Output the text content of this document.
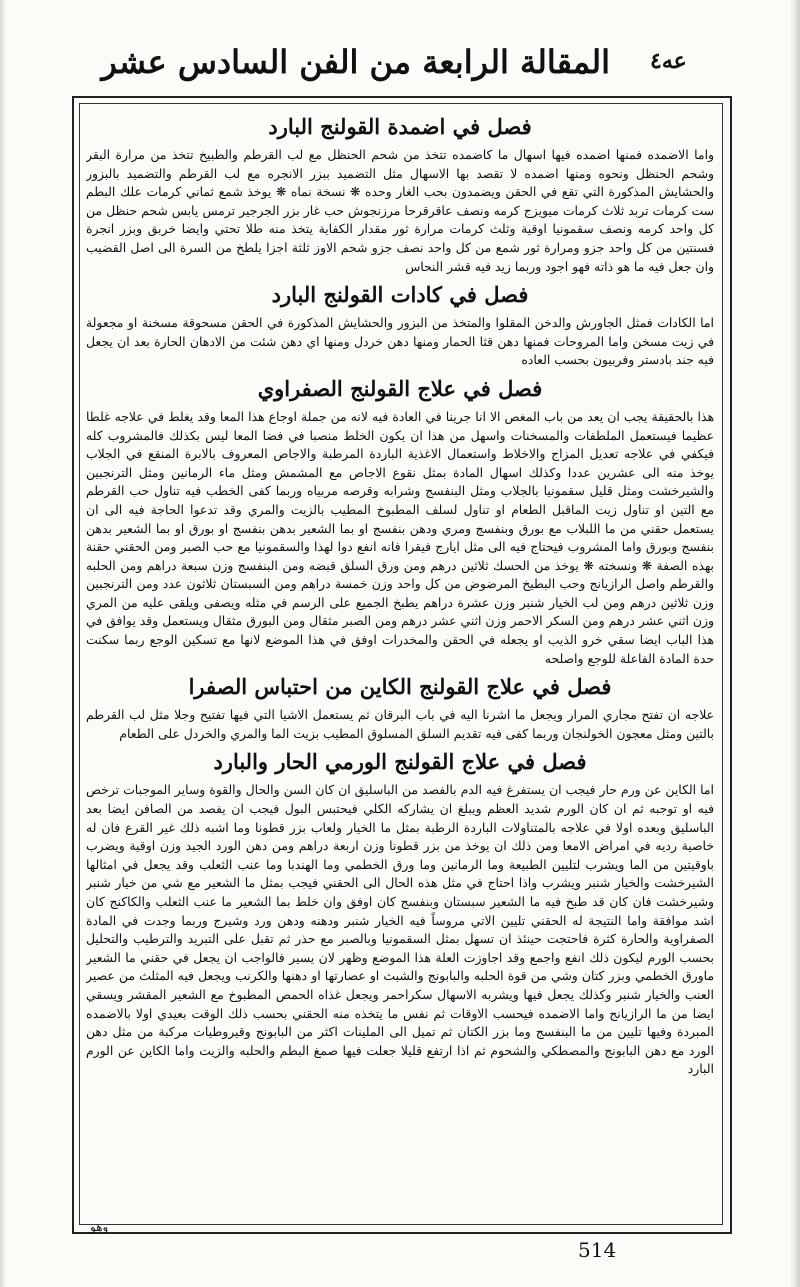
المقالة الرابعة من الفن السادس عشر عه٤
فصل في اضمدة القولنج البارد
واما الاضمده فمنها اضمده فيها اسهال ما كاضمده تتخذ من شحم الحنظل مع لب القرطم والطبيخ تتخذ من مرارة البقر وشحم الحنظل ونحوه ومنها اضمده لا تقصد بها الاسهال مثل التضميد ببزر الانجره مع لب القرطم والتضميد بالبزور والحشايش المذكورة التي تقع في الحقن ويضمدون بحب الغار وحده ❋ نسخة نماه ❋ يوخذ شمع ثماني كرمات علك البطم ست كرمات تربد ثلاث كرمات ميويزج كرمه ونصف عاقرقرحا مرزنجوش حب غار بزر الجرجير ترمس يابس شحم حنظل من كل واحد كرمه ونصف سقمونيا اوقية وثلث كرمات مرارة ثور مقدار الكفاية يتخذ منه طلا تحتي وايضا خربق وبزر انجرة فسنتين من كل واحد جزو ومرارة ثور شمع من كل واحد نصف جزو شحم الاوز ثلثة اجزا يلطخ من السرة الى اصل القضيب وان جعل فيه ما هو ذاته فهو اجود وربما زيد فيه قشر النحاس
فصل في كادات القولنج البارد
اما الكادات فمثل الجاورش والدخن المقلوا والمتخذ من البزور والحشايش المذكورة في الحقن مسحوقة مسخنة او مجعولة في زيت مسخن واما المروحات فمنها دهن قثا الحمار ومنها دهن خردل ومنها اي دهن شئت من الادهان الحارة بعد ان يجعل فيه جند بادستر وفربيون بحسب العاده
فصل في علاج القولنج الصفراوي
هذا بالحقيقة يجب ان يعد من باب المغص الا انا جرينا في العادة فيه لانه من جملة اوجاع هذا المعا وقد يغلط في علاجه غلطا عظيما فيستعمل الملطفات والمسخنات واسهل من هذا ان يكون الخلط منصبا في فضا المعا ليس بكذلك فالمشروب كله فيكفي في علاجه تعديل المزاج والاخلاط واستعمال الاغذية الباردة المرطبة والاجاص المعروف بالابرة المنقع في الجلاب يوخذ منه الى عشرين عددا وكذلك اسهال المادة بمثل نقوع الاجاص مع المشمش ومثل ماء الرمانين ومثل الترنجبين والشيرخشت ومثل قليل سقمونيا بالجلاب ومثل البنفسج وشرابه وقرصه مربياه وربما كفى الخطب فيه تناول حب القرطم مع التين او تناول زيت الماقبل الطعام او تناول لسلف المطبوخ المطيب بالزيت والمري وقد تدعوا الحاجة فيه الى ان يستعمل حقني من ما اللبلاب مع بورق وبنفسج ومري ودهن بنفسج او بما الشعير بدهن بنفسج او بورق او بما الشعير بدهن بنفسج وبورق واما المشروب فيحتاج فيه الى مثل ايارج فيقرا فانه انفع دوا لهذا والسقمونيا مع حب الصبر ومن الحقني حقنة بهذه الصفة ❋ ونسخته ❋ يوخذ من الحسك ثلاثين درهم ومن ورق السلق قبضه ومن البنفسج وزن سبعة دراهم ومن الحلبه والقرطم واصل الرازيانج وحب البطيخ المرضوض من كل واحد وزن خمسة دراهم ومن السبستان ثلاثون عدد ومن الترنجبين وزن ثلاثين درهم ومن لب الخيار شنبر وزن عشرة دراهم يطبخ الجميع على الرسم في مثله ويصفى ويلقى عليه من المري وزن اثني عشر درهم ومن السكر الاحمر وزن اثني عشر درهم ومن الصبر مثقال ومن البورق مثقال ويستعمل وقد يوافق في هذا الباب ايضا سقي خرو الذيب او يجعله في الحقن والمخدرات اوفق في هذا الموضع لانها مع تسكين الوجع ربما سكنت حدة المادة الفاعلة للوجع واصلحه
فصل في علاج القولنج الكاين من احتباس الصفرا
علاجه ان تفتح مجاري المرار ويجعل ما اشرنا اليه في باب البرقان ثم يستعمل الاشيا التي فيها تفتيح وجلا مثل لب القرطم بالتين ومثل معجون الخولنجان وربما كفى فيه تقديم السلق المسلوق المطيب بزيت الما والمري والخردل على الطعام
فصل في علاج القولنج الورمي الحار والبارد
اما الكاين عن ورم حار فيجب ان يستفرغ فيه الدم بالفصد من الباسليق ان كان السن والحال والقوة وساير الموجبات ترخص فيه او توجبه ثم ان كان الورم شديد العظم ويبلغ ان يشاركه الكلي فيحتبس البول فيجب ان يفصد من الصافن ايضا بعد الباسليق وبعده اولا في علاجه بالمتناولات الباردة الرطبة بمثل ما الخيار ولعاب بزر قطونا وما اشبه ذلك غير القرع فان له خاصية رديه في امراض الامعا ومن ذلك ان يوخذ من بزر قطونا وزن اربعة دراهم ومن دهن الورد الجيد وزن اوقية ويضرب باوقيتين من الما ويشرب لتليين الطبيعة وما الرمانين وما ورق الخطمي وما الهندبا وما عنب الثعلب وقد يجعل في امثالها الشيرخشت والخيار شنبر ويشرب واذا احتاج في مثل هذه الحال الى الحقني فيجب بمثل ما الشعير مع شي من خيار شنبر وشيرخشت فان كان قد طبخ فيه ما الشعير سبستان وبنفسج كان اوفق وان خلط بما الشعير ما عنب الثعلب والكاكنج كان اشد موافقة واما النتيجة له الحقني تليين الاتي مروساً فيه الخيار شنبر ودهنه ودهن ورد وشيرج وربما وجدت في المادة الصفراوية والحارة كثرة فاحتجت حينئذ ان تسهل بمثل السقمونيا وبالصبر مع حذر ثم تقبل على التبريد والترطيب والتحليل بحسب الورم ليكون ذلك انفع واجمع وقد اجاوزت العلة هذا الموضع وظهر لان يسير فالواجب ان يجعل في حقني ما الشعير ماورق الخطمي وبزر كتان وشي من قوة الحلبه والبابونج والشبث او عصارتها او دهنها والكرنب ويجعل فيه المثلث من عصير العنب والخيار شنبر وكذلك يجعل فيها ويشربه الاسهال سكراحمر ويجعل غذاه الحمص المطبوخ مع الشعير المقشر ويسقي ايضا من ما الرازيانج واما الاضمده فيحسب الاوقات ثم نفس ما يتخذه منه الحقني بحسب ذلك الوقت بعيدي اولا بالاضمده المبردة وفيها تليين من ما البنفسج وما بزر الكتان ثم تميل الى الملينات اكثر من البابونج وقيروطيات مركبة من مثل دهن الورد مع دهن البابونج والمصطكي والشحوم ثم اذا ارتفع قليلا جعلت فيها صمغ البطم والحلبه والزيت واما الكاين عن الورم البارد
وهو
514
